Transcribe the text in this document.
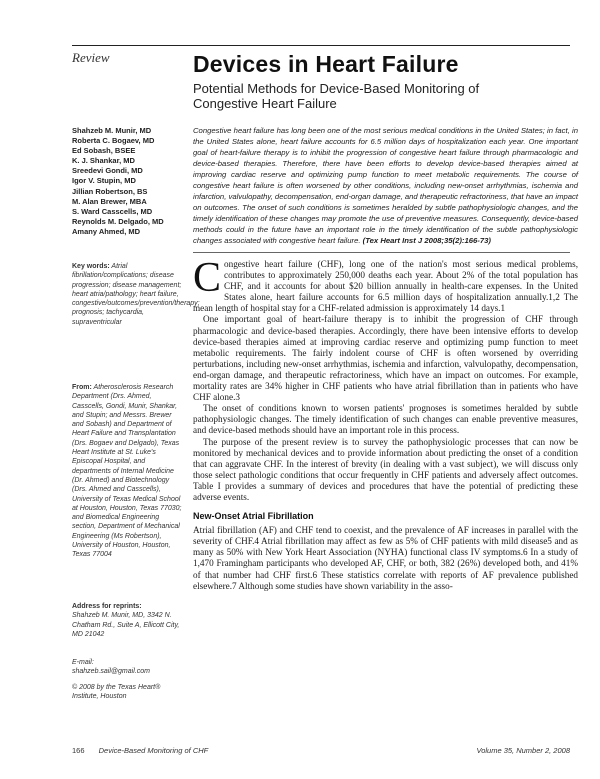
Review	Devices in Heart Failure
Potential Methods for Device-Based Monitoring of Congestive Heart Failure
Shahzeb M. Munir, MD
Roberta C. Bogaev, MD
Ed Sobash, BSEE
K. J. Shankar, MD
Sreedevi Gondi, MD
Igor V. Stupin, MD
Jillian Robertson, BS
M. Alan Brewer, MBA
S. Ward Casscells, MD
Reynolds M. Delgado, MD
Amany Ahmed, MD
Congestive heart failure has long been one of the most serious medical conditions in the United States; in fact, in the United States alone, heart failure accounts for 6.5 million days of hospitalization each year. One important goal of heart-failure therapy is to inhibit the progression of congestive heart failure through pharmacologic and device-based therapies. Therefore, there have been efforts to develop device-based therapies aimed at improving cardiac reserve and optimizing pump function to meet metabolic requirements. The course of congestive heart failure is often worsened by other conditions, including new-onset arrhythmias, ischemia and infarction, valvulopathy, decompensation, end-organ damage, and therapeutic refractoriness, that have an impact on outcomes. The onset of such conditions is sometimes heralded by subtle pathophysiologic changes, and the timely identification of these changes may promote the use of preventive measures. Consequently, device-based methods could in the future have an important role in the timely identification of the subtle pathophysiologic changes associated with congestive heart failure. (Tex Heart Inst J 2008;35(2):166-73)
Key words: Atrial fibrillation/complications; disease progression; disease management; heart atria/pathology; heart failure, congestive/outcomes/prevention/therapy; prognosis; tachycardia, supraventricular
From: Atherosclerosis Research Department (Drs. Ahmed, Casscells, Gondi, Munir, Shankar, and Stupin; and Messrs. Brewer and Sobash) and Department of Heart Failure and Transplantation (Drs. Bogaev and Delgado), Texas Heart Institute at St. Luke's Episcopal Hospital, and departments of Internal Medicine (Dr. Ahmed) and Biotechnology (Drs. Ahmed and Casscells), University of Texas Medical School at Houston, Houston, Texas 77030; and Biomedical Engineering section, Department of Mechanical Engineering (Ms Robertson), University of Houston, Houston, Texas 77004
Address for reprints:
Shahzeb M. Munir, MD, 3342 N. Chatham Rd., Suite A, Ellicott City, MD 21042
E-mail:
shahzeb.sail@gmail.com
© 2008 by the Texas Heart® Institute, Houston

Congestive heart failure (CHF), long one of the nation's most serious medical problems, contributes to approximately 250,000 deaths each year. About 2% of the total population has CHF, and it accounts for about $20 billion annually in health-care expenses. In the United States alone, heart failure accounts for 6.5 million days of hospitalization annually.1,2 The mean length of hospital stay for a CHF-related admission is approximately 14 days.1

One important goal of heart-failure therapy is to inhibit the progression of CHF through pharmacologic and device-based therapies. Accordingly, there have been intensive efforts to develop device-based therapies aimed at improving cardiac reserve and optimizing pump function to meet metabolic requirements. The fairly indolent course of CHF is often worsened by overriding perturbations, including new-onset arrhythmias, ischemia and infarction, valvulopathy, decompensation, end-organ damage, and therapeutic refractoriness, which have an impact on outcomes. For example, mortality rates are 34% higher in CHF patients who have atrial fibrillation than in patients who have CHF alone.3

The onset of conditions known to worsen patients' prognoses is sometimes heralded by subtle pathophysiologic changes. The timely identification of such changes can enable preventive measures, and device-based methods should have an important role in this process.

The purpose of the present review is to survey the pathophysiologic processes that can now be monitored by mechanical devices and to provide information about predicting the onset of a condition that can aggravate CHF. In the interest of brevity (in dealing with a vast subject), we will discuss only those select pathologic conditions that occur frequently in CHF patients and adversely affect outcomes. Table I provides a summary of devices and procedures that have the potential of predicting these adverse events.

New-Onset Atrial Fibrillation

Atrial fibrillation (AF) and CHF tend to coexist, and the prevalence of AF increases in parallel with the severity of CHF.4 Atrial fibrillation may affect as few as 5% of CHF patients with mild disease5 and as many as 50% with New York Heart Association (NYHA) functional class IV symptoms.6 In a study of 1,470 Framingham participants who developed AF, CHF, or both, 382 (26%) developed both, and 41% of that number had CHF first.6 These statistics correlate with reports of AF prevalence published elsewhere.7 Although some studies have shown variability in the asso-

166 Device-Based Monitoring of CHF	Volume 35, Number 2, 2008
